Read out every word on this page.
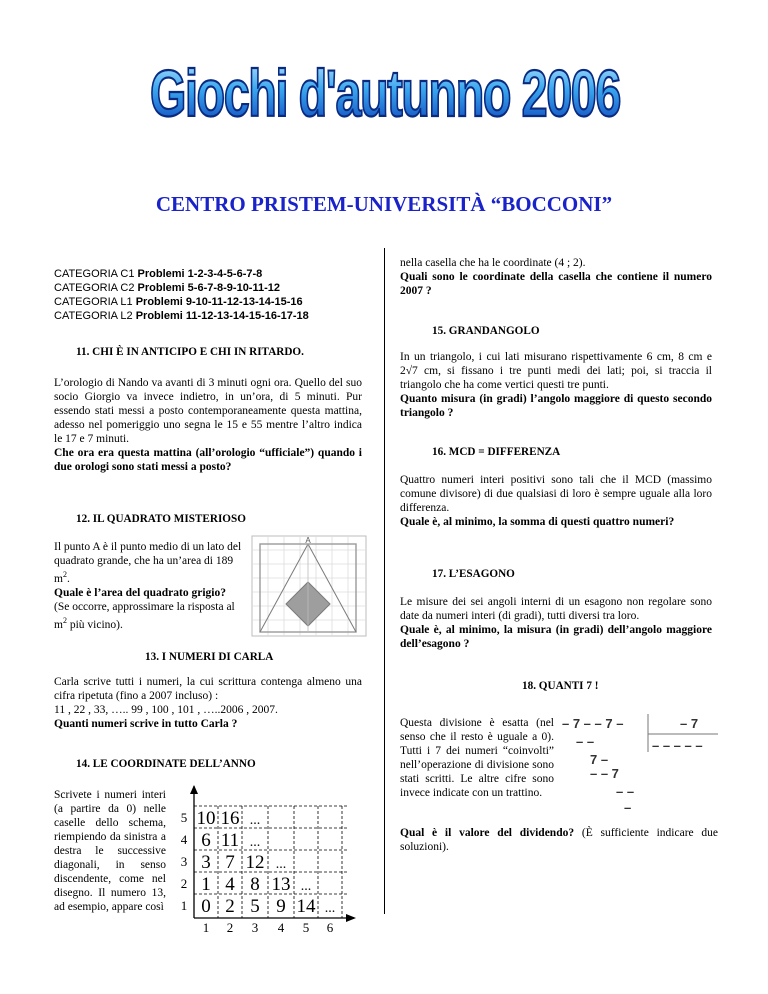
Giochi d'autunno 2006
CENTRO PRISTEM-UNIVERSITÀ “BOCCONI”
CATEGORIA C1 Problemi 1-2-3-4-5-6-7-8
CATEGORIA C2 Problemi 5-6-7-8-9-10-11-12
CATEGORIA L1 Problemi 9-10-11-12-13-14-15-16
CATEGORIA L2 Problemi 11-12-13-14-15-16-17-18
11. CHI È IN ANTICIPO E CHI IN RITARDO.
L’orologio di Nando va avanti di 3 minuti ogni ora. Quello del suo socio Giorgio va invece indietro, in un’ora, di 5 minuti. Pur essendo stati messi a posto contemporaneamente questa mattina, adesso nel pomeriggio uno segna le 15 e 55 mentre l’altro indica le 17 e 7 minuti.
Che ora era questa mattina (all’orologio “ufficiale”) quando i due orologi sono stati messi a posto?
12. IL QUADRATO MISTERIOSO
Il punto A è il punto medio di un lato del quadrato grande, che ha un’area di 189 $m^2$.
Quale è l’area del quadrato grigio? (Se occorre, approssimare la risposta al $m^2$ più vicino).
A
13. I NUMERI DI CARLA
Carla scrive tutti i numeri, la cui scrittura contenga almeno una cifra ripetuta (fino a 2007 incluso) :
11 , 22 , 33, ….. 99 , 100 , 101 , …..2006 , 2007.
Quanti numeri scrive in tutto Carla ?
14. LE COORDINATE DELL’ANNO
Scrivete i numeri interi (a partire da 0) nelle caselle dello schema, riempiendo da sinistra a destra le successive diagonali, in senso discendente, come nel disegno. Il numero 13, ad esempio, appare così
5 10 16 ...
4 6 11 ...
3 3 7 12 ...
2 1 4 8 13 ...
1 0 2 5 9 14 ...
1 2 3 4 5 6
nella casella che ha le coordinate (4 ; 2).
Quali sono le coordinate della casella che contiene il numero 2007 ?
15. GRANDANGOLO
In un triangolo, i cui lati misurano rispettivamente 6 cm, 8 cm e 2√7 cm, si fissano i tre punti medi dei lati; poi, si traccia il triangolo che ha come vertici questi tre punti.
Quanto misura (in gradi) l’angolo maggiore di questo secondo triangolo ?
16. MCD = DIFFERENZA
Quattro numeri interi positivi sono tali che il MCD (massimo comune divisore) di due qualsiasi di loro è sempre uguale alla loro differenza.
Quale è, al minimo, la somma di questi quattro numeri?
17. L’ESAGONO
Le misure dei sei angoli interni di un esagono non regolare sono date da numeri interi (di gradi), tutti diversi tra loro.
Quale è, al minimo, la misura (in gradi) dell’angolo maggiore dell’esagono ?
18. QUANTI 7 !
Questa divisione è esatta (nel senso che il resto è uguale a 0). Tutti i 7 dei numeri “coinvolti” nell’operazione di divisione sono stati scritti. Le altre cifre sono invece indicate con un trattino.
– 7 – – 7 –	– 7
– – – – –
– –
7 –
– – 7
– –
–
Qual è il valore del dividendo? (È sufficiente indicare due soluzioni).
